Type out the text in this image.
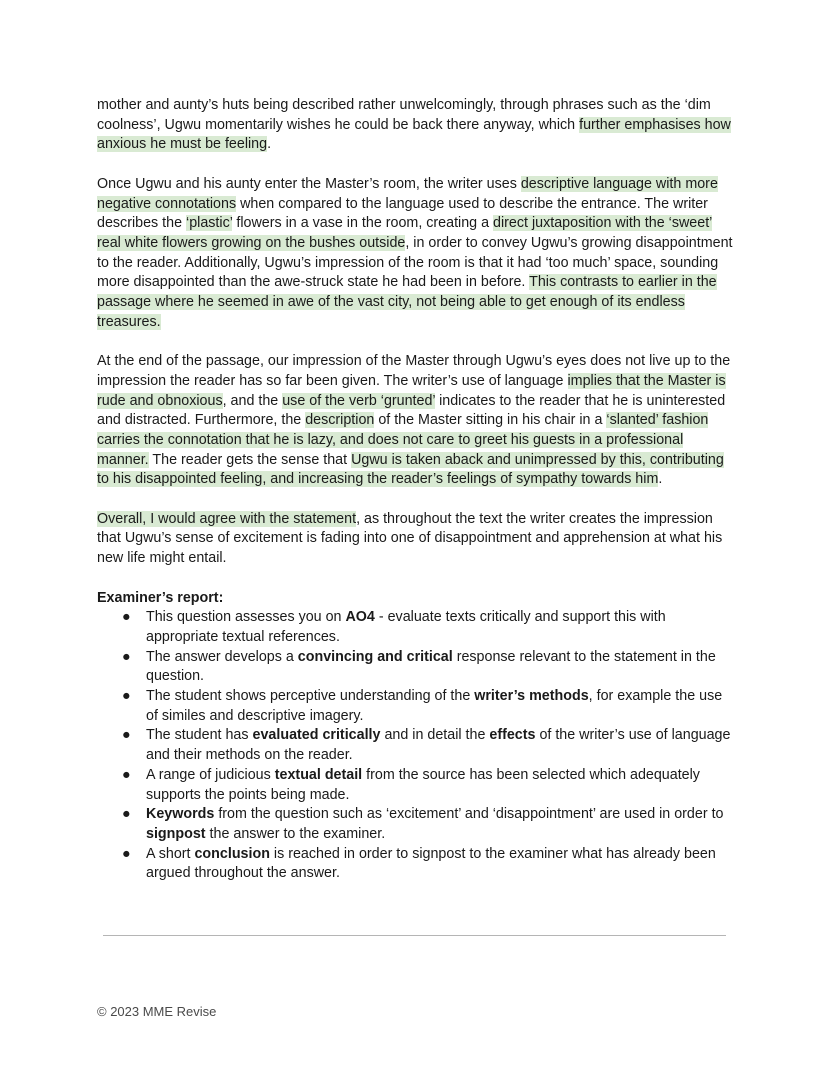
mother and aunty’s huts being described rather unwelcomingly, through phrases such as the ‘dim coolness’, Ugwu momentarily wishes he could be back there anyway, which further emphasises how anxious he must be feeling.

Once Ugwu and his aunty enter the Master’s room, the writer uses descriptive language with more negative connotations when compared to the language used to describe the entrance. The writer describes the ‘plastic’ flowers in a vase in the room, creating a direct juxtaposition with the ‘sweet’ real white flowers growing on the bushes outside, in order to convey Ugwu’s growing disappointment to the reader. Additionally, Ugwu’s impression of the room is that it had ‘too much’ space, sounding more disappointed than the awe-struck state he had been in before. This contrasts to earlier in the passage where he seemed in awe of the vast city, not being able to get enough of its endless treasures.

At the end of the passage, our impression of the Master through Ugwu’s eyes does not live up to the impression the reader has so far been given. The writer’s use of language implies that the Master is rude and obnoxious, and the use of the verb ‘grunted’ indicates to the reader that he is uninterested and distracted. Furthermore, the description of the Master sitting in his chair in a ‘slanted’ fashion carries the connotation that he is lazy, and does not care to greet his guests in a professional manner. The reader gets the sense that Ugwu is taken aback and unimpressed by this, contributing to his disappointed feeling, and increasing the reader’s feelings of sympathy towards him.

Overall, I would agree with the statement, as throughout the text the writer creates the impression that Ugwu’s sense of excitement is fading into one of disappointment and apprehension at what his new life might entail.

Examiner’s report:
● This question assesses you on AO4 - evaluate texts critically and support this with appropriate textual references.
● The answer develops a convincing and critical response relevant to the statement in the question.
● The student shows perceptive understanding of the writer’s methods, for example the use of similes and descriptive imagery.
● The student has evaluated critically and in detail the effects of the writer’s use of language and their methods on the reader.
● A range of judicious textual detail from the source has been selected which adequately supports the points being made.
● Keywords from the question such as ‘excitement’ and ‘disappointment’ are used in order to signpost the answer to the examiner.
● A short conclusion is reached in order to signpost to the examiner what has already been argued throughout the answer.
© 2023 MME Revise
